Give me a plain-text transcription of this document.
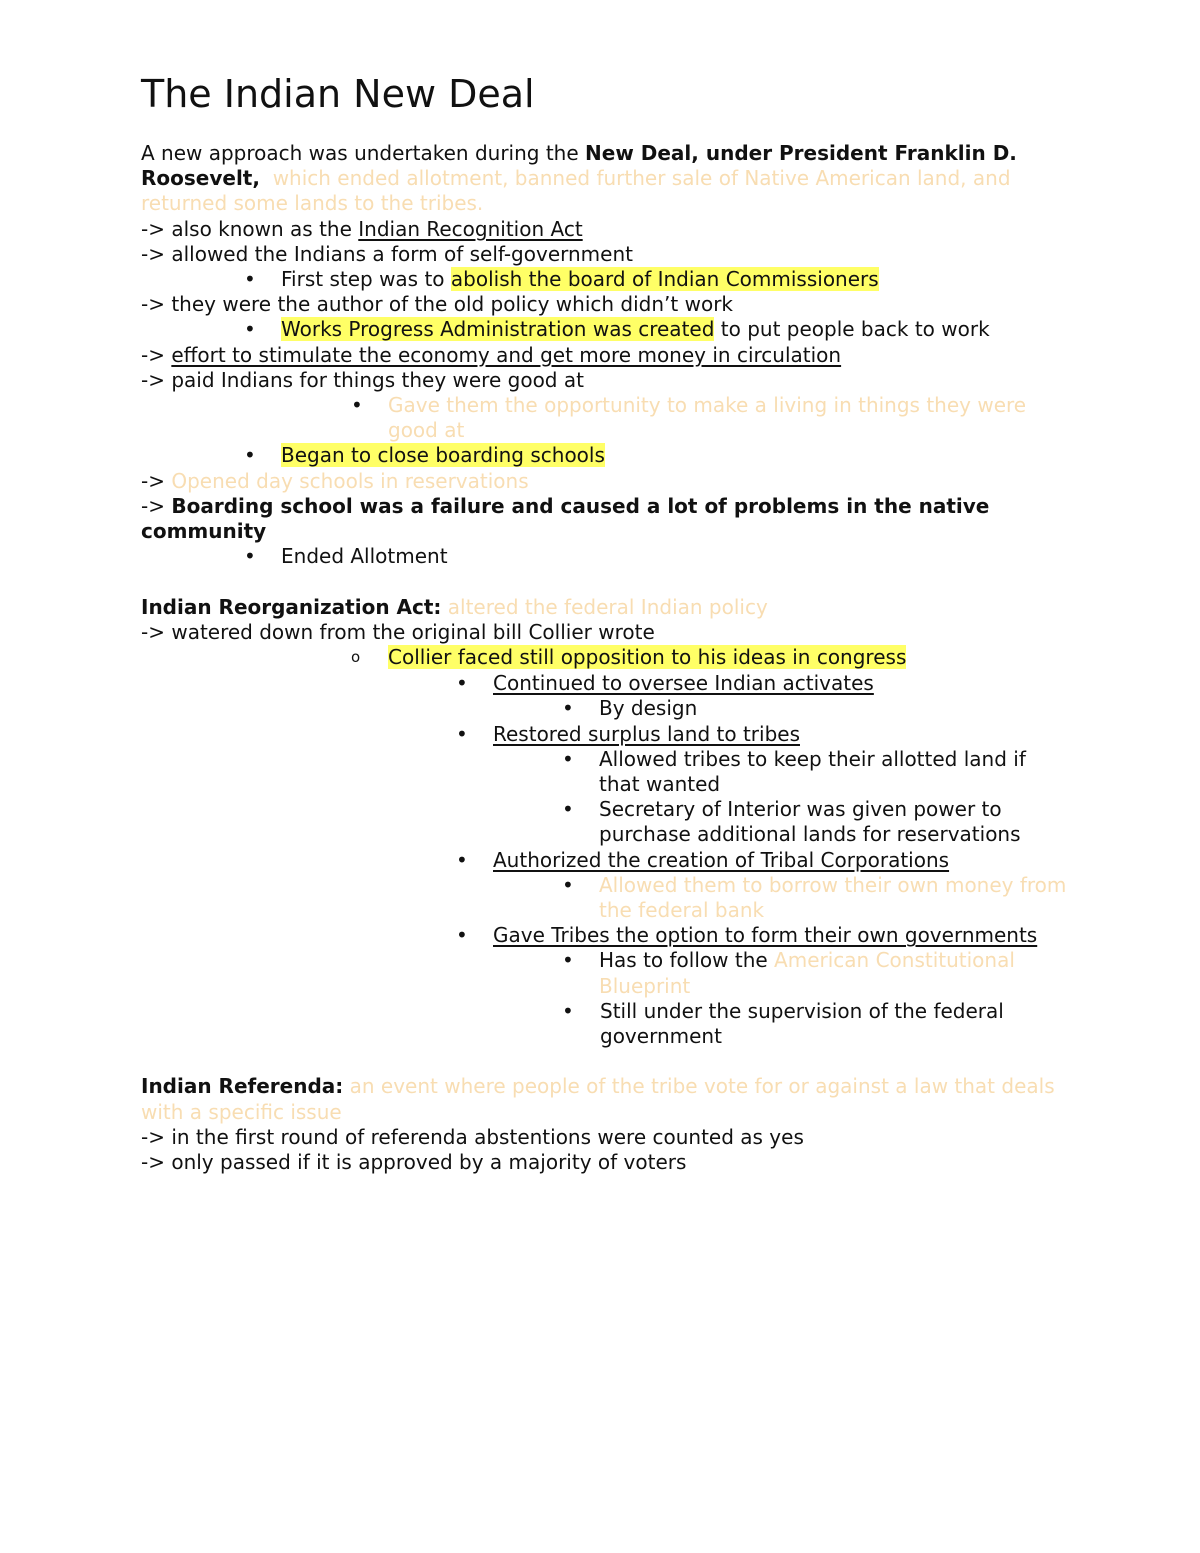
The Indian New Deal

A new approach was undertaken during the New Deal, under President Franklin D. Roosevelt, which ended allotment, banned further sale of Native American land, and returned some lands to the tribes.

-> also known as the Indian Recognition Act

-> allowed the Indians a form of self-government

• First step was to abolish the board of Indian Commissioners

-> they were the author of the old policy which didn’t work

• Works Progress Administration was created to put people back to work

-> effort to stimulate the economy and get more money in circulation

-> paid Indians for things they were good at

• Gave them the opportunity to make a living in things they were good at
• Began to close boarding schools

-> Opened day schools in reservations

-> Boarding school was a failure and caused a lot of problems in the native community

• Ended Allotment

Indian Reorganization Act: altered the federal Indian policy

-> watered down from the original bill Collier wrote

o Collier faced still opposition to his ideas in congress
• Continued to oversee Indian activates
• By design
• Restored surplus land to tribes
• Allowed tribes to keep their allotted land if that wanted
• Secretary of Interior was given power to purchase additional lands for reservations
• Authorized the creation of Tribal Corporations
• Allowed them to borrow their own money from the federal bank
• Gave Tribes the option to form their own governments
• Has to follow the American Constitutional Blueprint
• Still under the supervision of the federal government

Indian Referenda: an event where people of the tribe vote for or against a law that deals with a specific issue

-> in the first round of referenda abstentions were counted as yes

-> only passed if it is approved by a majority of voters
